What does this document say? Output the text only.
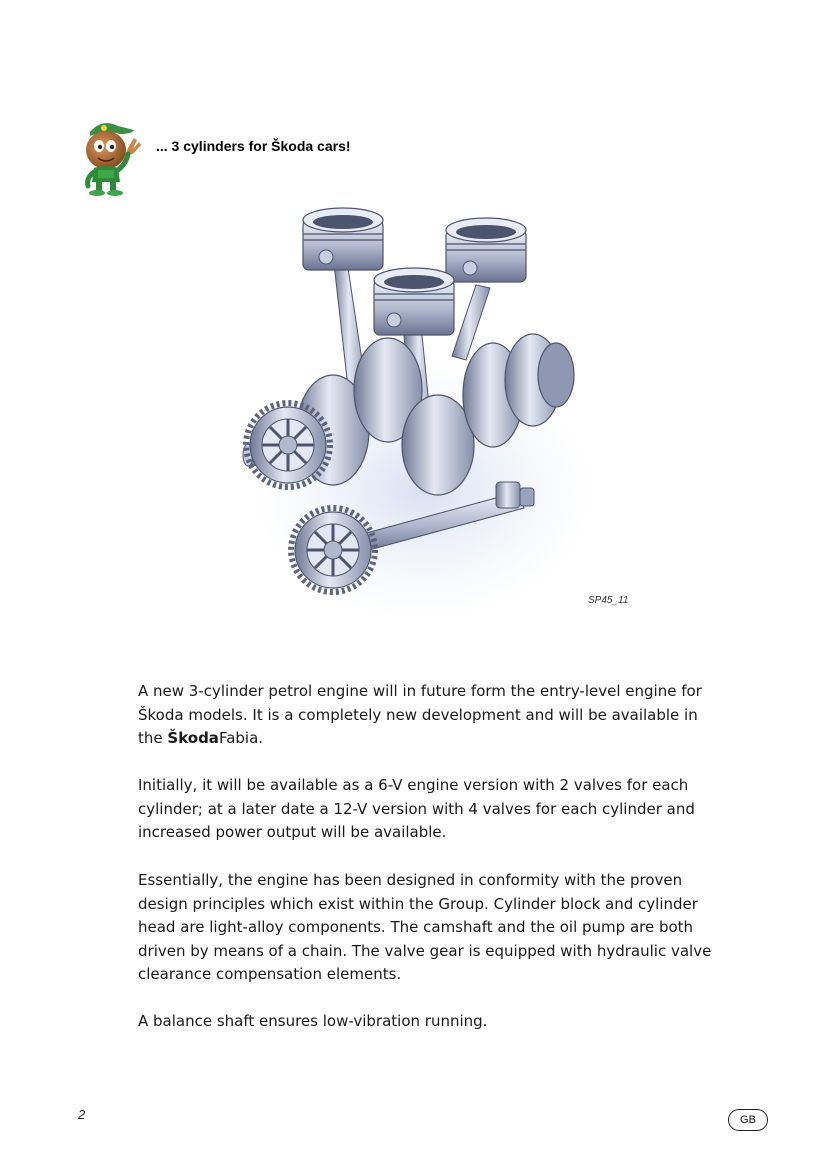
... 3 cylinders for Škoda cars!
SP45_11

A new 3-cylinder petrol engine will in future form the entry-level engine for Škoda models. It is a completely new development and will be available in the ŠkodaFabia.

Initially, it will be available as a 6-V engine version with 2 valves for each cylinder; at a later date a 12-V version with 4 valves for each cylinder and increased power output will be available.

Essentially, the engine has been designed in conformity with the proven design principles which exist within the Group. Cylinder block and cylinder head are light-alloy components. The camshaft and the oil pump are both driven by means of a chain. The valve gear is equipped with hydraulic valve clearance compensation elements.

A balance shaft ensures low-vibration running.

2	GB
